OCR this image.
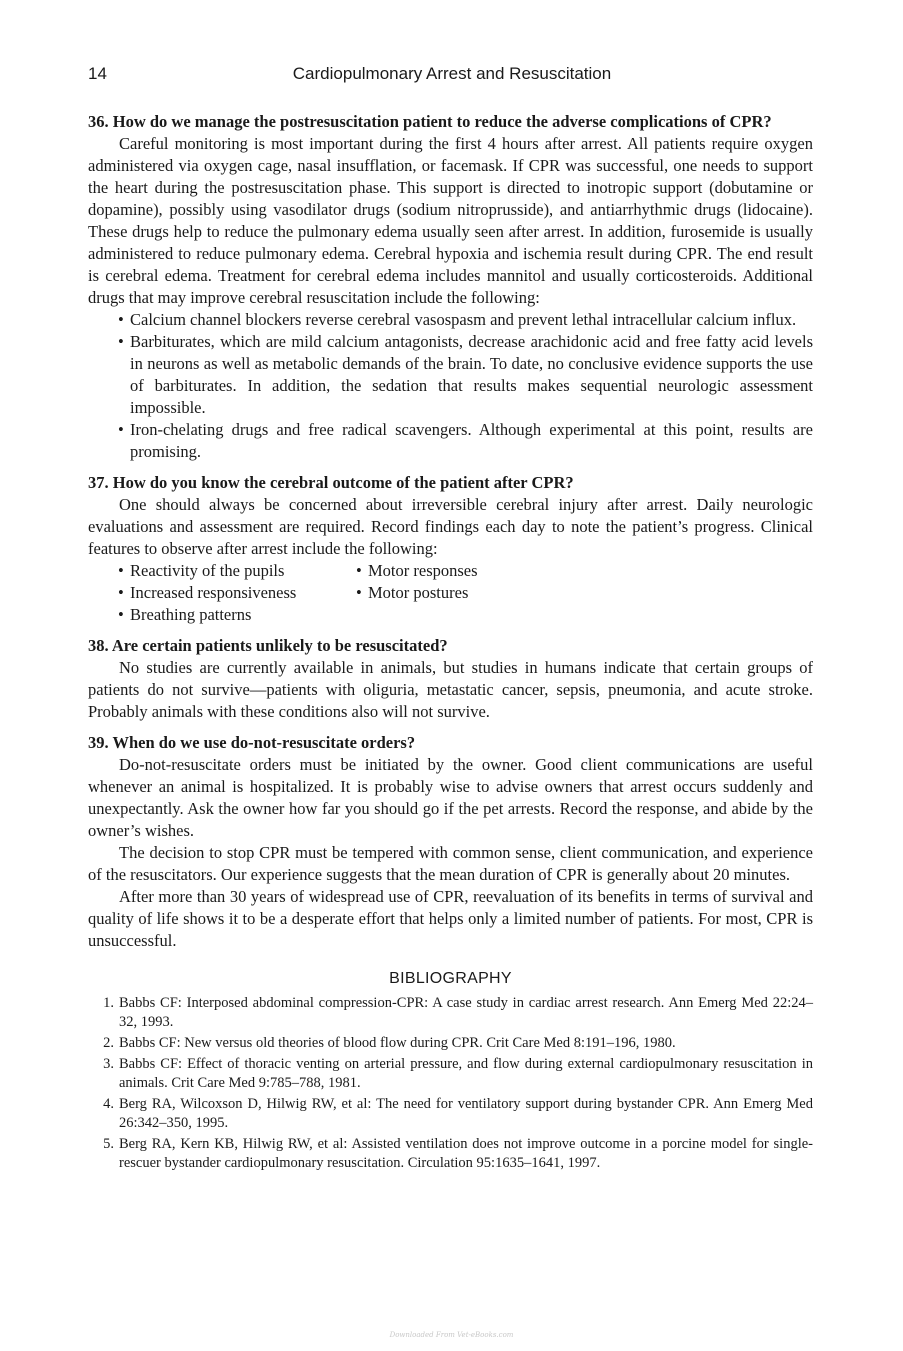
14	Cardiopulmonary Arrest and Resuscitation

36. How do we manage the postresuscitation patient to reduce the adverse complications of CPR?

Careful monitoring is most important during the first 4 hours after arrest. All patients require oxygen administered via oxygen cage, nasal insufflation, or facemask. If CPR was successful, one needs to support the heart during the postresuscitation phase. This support is directed to inotropic support (dobutamine or dopamine), possibly using vasodilator drugs (sodium nitroprusside), and antiarrhythmic drugs (lidocaine). These drugs help to reduce the pulmonary edema usually seen after arrest. In addition, furosemide is usually administered to reduce pulmonary edema. Cerebral hypoxia and ischemia result during CPR. The end result is cerebral edema. Treatment for cerebral edema includes mannitol and usually corticosteroids. Additional drugs that may improve cerebral resuscitation include the following:

• Calcium channel blockers reverse cerebral vasospasm and prevent lethal intracellular calcium influx.
• Barbiturates, which are mild calcium antagonists, decrease arachidonic acid and free fatty acid levels in neurons as well as metabolic demands of the brain. To date, no conclusive evidence supports the use of barbiturates. In addition, the sedation that results makes sequential neurologic assessment impossible.
• Iron-chelating drugs and free radical scavengers. Although experimental at this point, results are promising.

37. How do you know the cerebral outcome of the patient after CPR?

One should always be concerned about irreversible cerebral injury after arrest. Daily neurologic evaluations and assessment are required. Record findings each day to note the patient’s progress. Clinical features to observe after arrest include the following:

• Reactivity of the pupils	• Motor responses
• Increased responsiveness	• Motor postures
• Breathing patterns

38. Are certain patients unlikely to be resuscitated?

No studies are currently available in animals, but studies in humans indicate that certain groups of patients do not survive—patients with oliguria, metastatic cancer, sepsis, pneumonia, and acute stroke. Probably animals with these conditions also will not survive.

39. When do we use do-not-resuscitate orders?

Do-not-resuscitate orders must be initiated by the owner. Good client communications are useful whenever an animal is hospitalized. It is probably wise to advise owners that arrest occurs suddenly and unexpectantly. Ask the owner how far you should go if the pet arrests. Record the response, and abide by the owner’s wishes.

The decision to stop CPR must be tempered with common sense, client communication, and experience of the resuscitators. Our experience suggests that the mean duration of CPR is generally about 20 minutes.

After more than 30 years of widespread use of CPR, reevaluation of its benefits in terms of survival and quality of life shows it to be a desperate effort that helps only a limited number of patients. For most, CPR is unsuccessful.

BIBLIOGRAPHY
1. Babbs CF: Interposed abdominal compression-CPR: A case study in cardiac arrest research. Ann Emerg Med 22:24–32, 1993.
2. Babbs CF: New versus old theories of blood flow during CPR. Crit Care Med 8:191–196, 1980.
3. Babbs CF: Effect of thoracic venting on arterial pressure, and flow during external cardiopulmonary resuscitation in animals. Crit Care Med 9:785–788, 1981.
4. Berg RA, Wilcoxson D, Hilwig RW, et al: The need for ventilatory support during bystander CPR. Ann Emerg Med 26:342–350, 1995.
5. Berg RA, Kern KB, Hilwig RW, et al: Assisted ventilation does not improve outcome in a porcine model for single-rescuer bystander cardiopulmonary resuscitation. Circulation 95:1635–1641, 1997.
Downloaded From Vet-eBooks.com
